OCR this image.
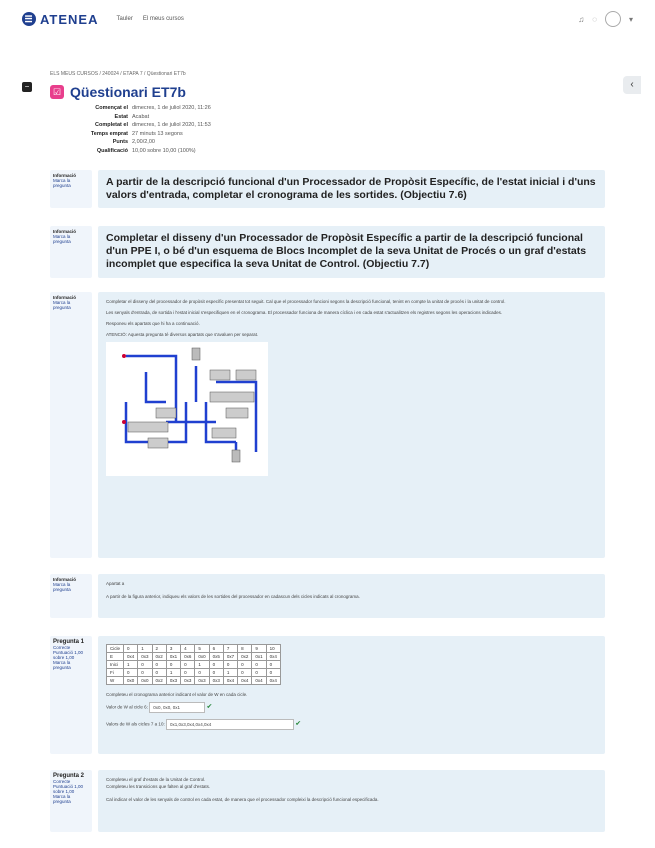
☰ ATENEA	Tauler El meus cursos	♫ ◌	▾
−	‹
ELS MEUS CURSOS / 240024 / ETAPA 7 / Qüestionari ET7b
☑ Qüestionari ET7b
Començat el dimecres, 1 de juliol 2020, 11:26
Estat Acabat
Completat el dimecres, 1 de juliol 2020, 11:53
Temps emprat 27 minuts 13 segons
Punts 2,00/2,00
Qualificació 10,00 sobre 10,00 (100%)
Informació
Marca la pregunta	A partir de la descripció funcional d'un Processador de Propòsit Específic, de l'estat inicial i d'uns valors d'entrada, completar el cronograma de les sortides. (Objectiu 7.6)
Informació
Marca la pregunta	Completar el disseny d'un Processador de Propòsit Específic a partir de la descripció funcional d'un PPE I, o bé d'un esquema de Blocs Incomplet de la seva Unitat de Procés o un graf d'estats incomplet que especifica la seva Unitat de Control. (Objectiu 7.7)
Informació
Marca la pregunta
Completar el disseny del processador de propòsit específic presentat tot seguit. Cal que el processador funcioni segons la descripció funcional, tenint en compte la unitat de procés i la unitat de control.
Les senyals d'entrada, de sortida i l'estat inicial s'especifiquen en el cronograma. El processador funciona de manera cíclica i en cada estat s'actualitzen els registres segons les operacions indicades.
Responeu els apartats que hi ha a continuació.
ATENCIÓ: Aquesta pregunta té diversos apartats que s'avaluen per separat.
Informació
Marca la pregunta
Apartat a
A partir de la figura anterior, indiqueu els valors de les sortides del processador en cadascun dels cicles indicats al cronograma.
Pregunta 1
Correcte
Puntuació 1,00 sobre 1,00
Marca la pregunta
Cicle	0	1	2	3	4	5	6	7	8	9	10
E	0x4	0x3	0x2	0x1	0x6	0x0	0x5	0x7	0x2	0x1	0x4
Inici	1	0	0	0	0	1	0	0	0	0	0
Fi	0	0	0	1	0	0	0	1	0	0	0
W	0x0	0x0	0x2	0x3	0x3	0x3	0x3	0x4	0x4	0x4	0x4
Completeu el cronograma anterior indicant el valor de W en cada cicle.
Valor de W al cicle 6: 0x0, 0x0, 0x1	✔
Valors de W als cicles 7 a 10: 0x1,0x3,0x4,0x4,0x4	✔
Pregunta 2
Correcte
Puntuació 1,00 sobre 1,00
Marca la pregunta
Completeu el graf d'estats de la Unitat de Control.
Completeu les transicions que falten al graf d'estats.
Cal indicar el valor de les senyals de control en cada estat, de manera que el processador compleixi la descripció funcional especificada.
